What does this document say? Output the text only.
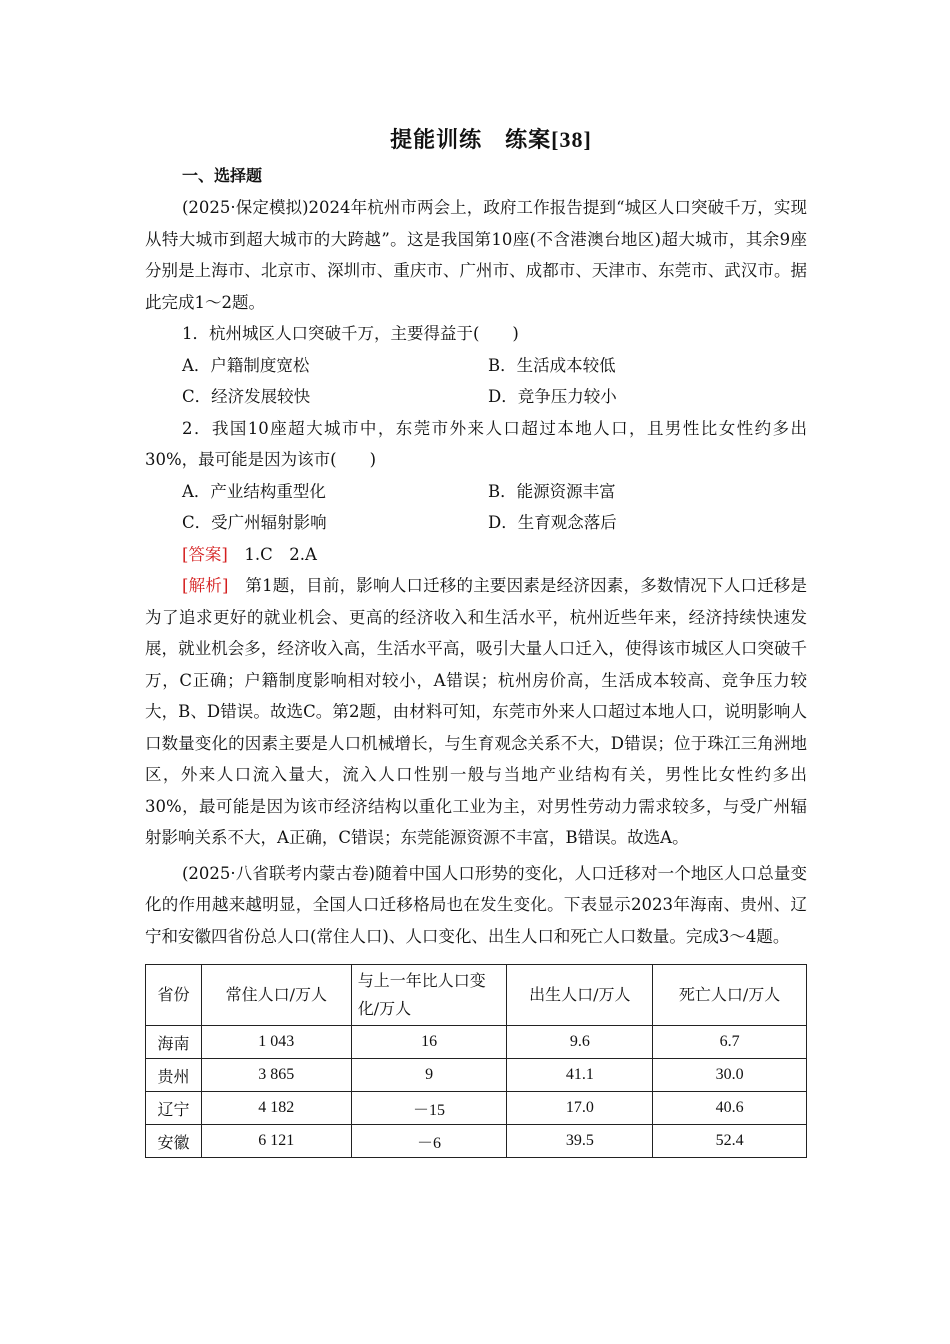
提能训练　练案[38]
一、选择题

(2025·保定模拟)2024年杭州市两会上，政府工作报告提到“城区人口突破千万，实现从特大城市到超大城市的大跨越”。这是我国第10座(不含港澳台地区)超大城市，其余9座分别是上海市、北京市、深圳市、重庆市、广州市、成都市、天津市、东莞市、武汉市。据此完成1～2题。

1．杭州城区人口突破千万，主要得益于(　　)

A．户籍制度宽松	B．生活成本较低
C．经济发展较快	D．竞争压力较小

2．我国10座超大城市中，东莞市外来人口超过本地人口，且男性比女性约多出30%，最可能是因为该市(　　)

A．产业结构重型化	B．能源资源丰富
C．受广州辐射影响	D．生育观念落后

[答案]　1.C　2.A

[解析]　第1题，目前，影响人口迁移的主要因素是经济因素，多数情况下人口迁移是为了追求更好的就业机会、更高的经济收入和生活水平，杭州近些年来，经济持续快速发展，就业机会多，经济收入高，生活水平高，吸引大量人口迁入，使得该市城区人口突破千万，C正确；户籍制度影响相对较小，A错误；杭州房价高，生活成本较高、竞争压力较大，B、D错误。故选C。第2题，由材料可知，东莞市外来人口超过本地人口，说明影响人口数量变化的因素主要是人口机械增长，与生育观念关系不大，D错误；位于珠江三角洲地区，外来人口流入量大，流入人口性别一般与当地产业结构有关，男性比女性约多出30%，最可能是因为该市经济结构以重化工业为主，对男性劳动力需求较多，与受广州辐射影响关系不大，A正确，C错误；东莞能源资源不丰富，B错误。故选A。

(2025·八省联考内蒙古卷)随着中国人口形势的变化，人口迁移对一个地区人口总量变化的作用越来越明显，全国人口迁移格局也在发生变化。下表显示2023年海南、贵州、辽宁和安徽四省份总人口(常住人口)、人口变化、出生人口和死亡人口数量。完成3～4题。

省份	常住人口/万人	与上一年比人口变化/万人	出生人口/万人	死亡人口/万人
海南	1 043	16	9.6	6.7
贵州	3 865	9	41.1	30.0
辽宁	4 182	－15	17.0	40.6
安徽	6 121	－6	39.5	52.4
